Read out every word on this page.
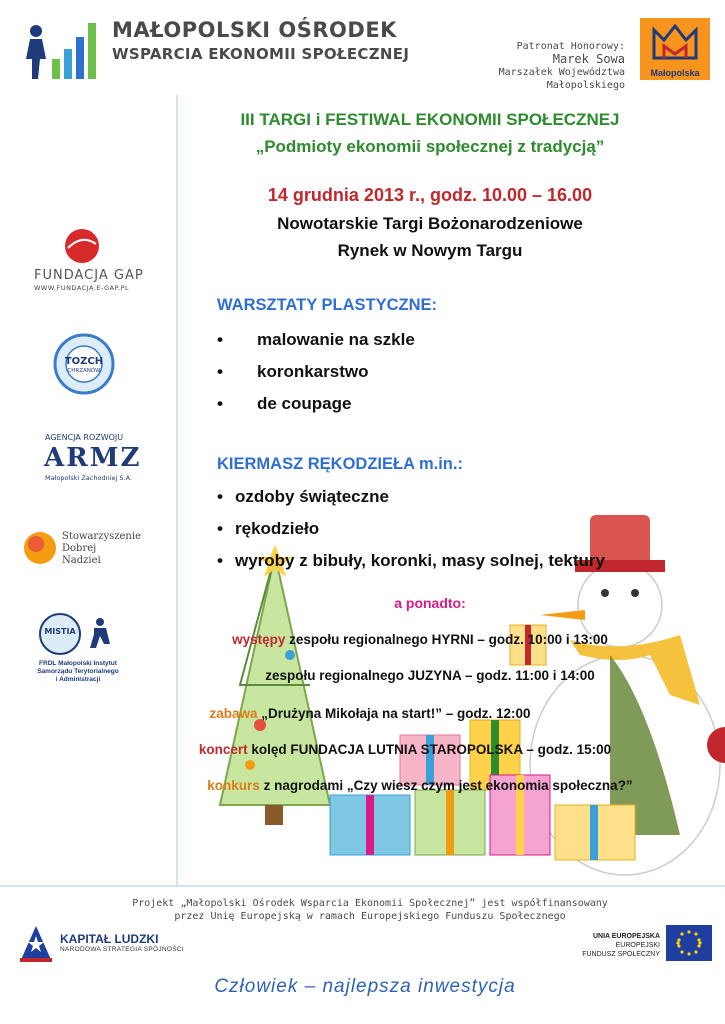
MAŁOPOLSKI OŚRODEK
WSPARCIA EKONOMII SPOŁECZNEJ	Patronat Honorowy:
Marek Sowa
Marszałek Województwa Małopolskiego
Małopolska
FUNDACJA GAP
WWW.FUNDACJA.E-GAP.PL
TOZCH
CHRZANÓW
AGENCJA ROZWOJU
ARMZ
Małopolski Zachodniej S.A.
Stowarzyszenie
Dobrej
Nadziei
MISTIA
FRDL Małopolski Instytut
Samorządu Terytorialnego
i Administracji
III TARGI i FESTIWAL EKONOMII SPOŁECZNEJ
„Podmioty ekonomii społecznej z tradycją”
14 grudnia 2013 r., godz. 10.00 – 16.00
Nowotarskie Targi Bożonarodzeniowe
Rynek w Nowym Targu
WARSZTATY PLASTYCZNE:
• malowanie na szkle
• koronkarstwo
• de coupage
KIERMASZ RĘKODZIEŁA m.in.:
• ozdoby świąteczne
• rękodzieło
• wyroby z bibuły, koronki, masy solnej, tektury
a ponadto:
występy zespołu regionalnego HYRNI – godz. 10:00 i 13:00
zespołu regionalnego JUZYNA – godz. 11:00 i 14:00
zabawa „Drużyna Mikołaja na start!” – godz. 12:00
koncert kolęd FUNDACJA LUTNIA STAROPOLSKA – godz. 15:00
konkurs z nagrodami „Czy wiesz czym jest ekonomia społeczna?”
Projekt „Małopolski Ośrodek Wsparcia Ekonomii Społecznej” jest współfinansowany
przez Unię Europejską w ramach Europejskiego Funduszu Społecznego
KAPITAŁ LUDZKI
NARODOWA STRATEGIA SPÓJNOŚCI
UNIA EUROPEJSKA
EUROPEJSKI
FUNDUSZ SPOŁECZNY
Człowiek – najlepsza inwestycja
